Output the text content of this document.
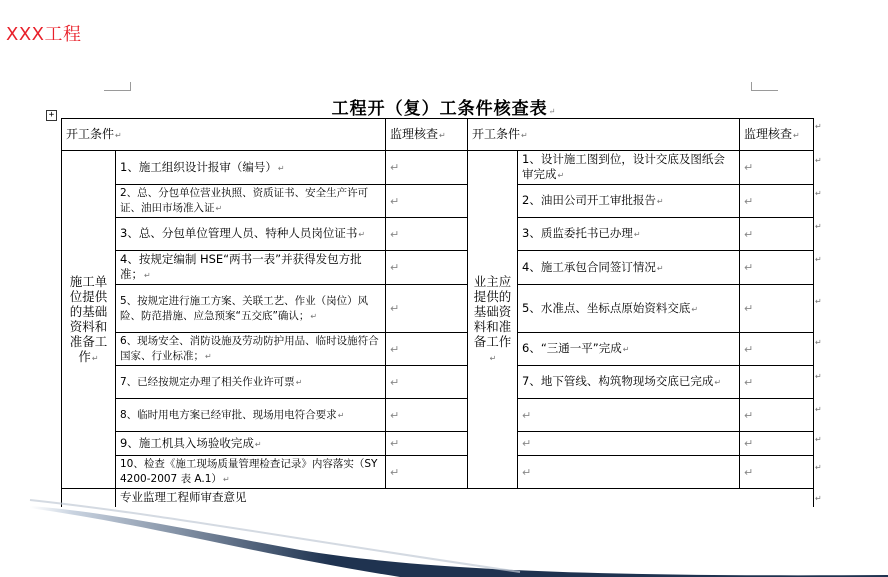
XXX工程
+	工程开（复）工条件核查表↵
开工条件↵		监理核查↵	开工条件↵		监理核查↵
施工单位提供的基础资料和准备工作↵	1、施工组织设计报审（编号）↵	↵	业主应提供的基础资料和准备工作↵	1、设计施工图到位，设计交底及图纸会审完成↵	↵
	2、总、分包单位营业执照、资质证书、安全生产许可证、油田市场准入证↵	↵		2、油田公司开工审批报告↵	↵
	3、总、分包单位管理人员、特种人员岗位证书↵	↵		3、质监委托书已办理↵	↵
	4、按规定编制 HSE“两书一表”并获得发包方批准；↵	↵		4、施工承包合同签订情况↵	↵
	5、按规定进行施工方案、关联工艺、作业（岗位）风险、防范措施、应急预案“五交底”确认；↵	↵		5、水准点、坐标点原始资料交底↵	↵
	6、现场安全、消防设施及劳动防护用品、临时设施符合国家、行业标准；↵	↵		6、“三通一平”完成↵	↵
	7、已经按规定办理了相关作业许可票↵	↵		7、地下管线、构筑物现场交底已完成↵	↵
	8、临时用电方案已经审批、现场用电符合要求↵	↵		↵	↵
	9、施工机具入场验收完成↵	↵		↵	↵
	10、检查《施工现场质量管理检查记录》内容落实（SY4200-2007 表 A.1）↵	↵		↵	↵
	专业监理工程师审查意见				
↵
↵
↵
↵
↵
↵
↵
↵
↵
↵
↵
↵
